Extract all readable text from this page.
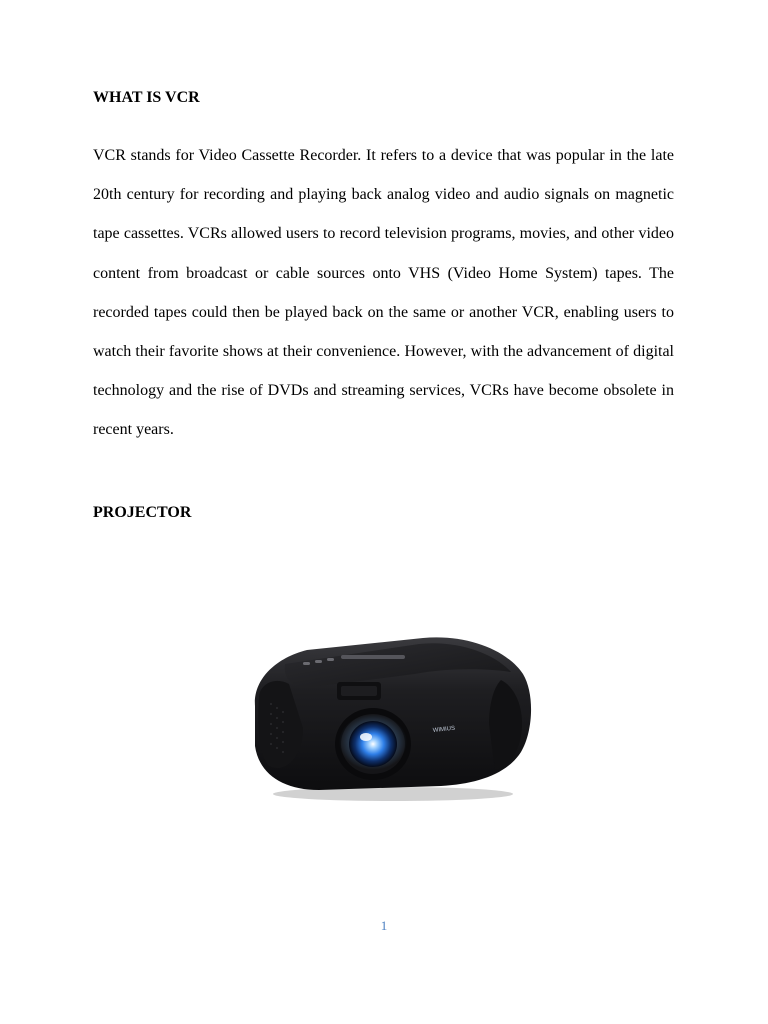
WHAT IS VCR
VCR stands for Video Cassette Recorder. It refers to a device that was popular in the late 20th century for recording and playing back analog video and audio signals on magnetic tape cassettes. VCRs allowed users to record television programs, movies, and other video content from broadcast or cable sources onto VHS (Video Home System) tapes. The recorded tapes could then be played back on the same or another VCR, enabling users to watch their favorite shows at their convenience. However, with the advancement of digital technology and the rise of DVDs and streaming services, VCRs have become obsolete in recent years.
PROJECTOR
WIMIUS
1
